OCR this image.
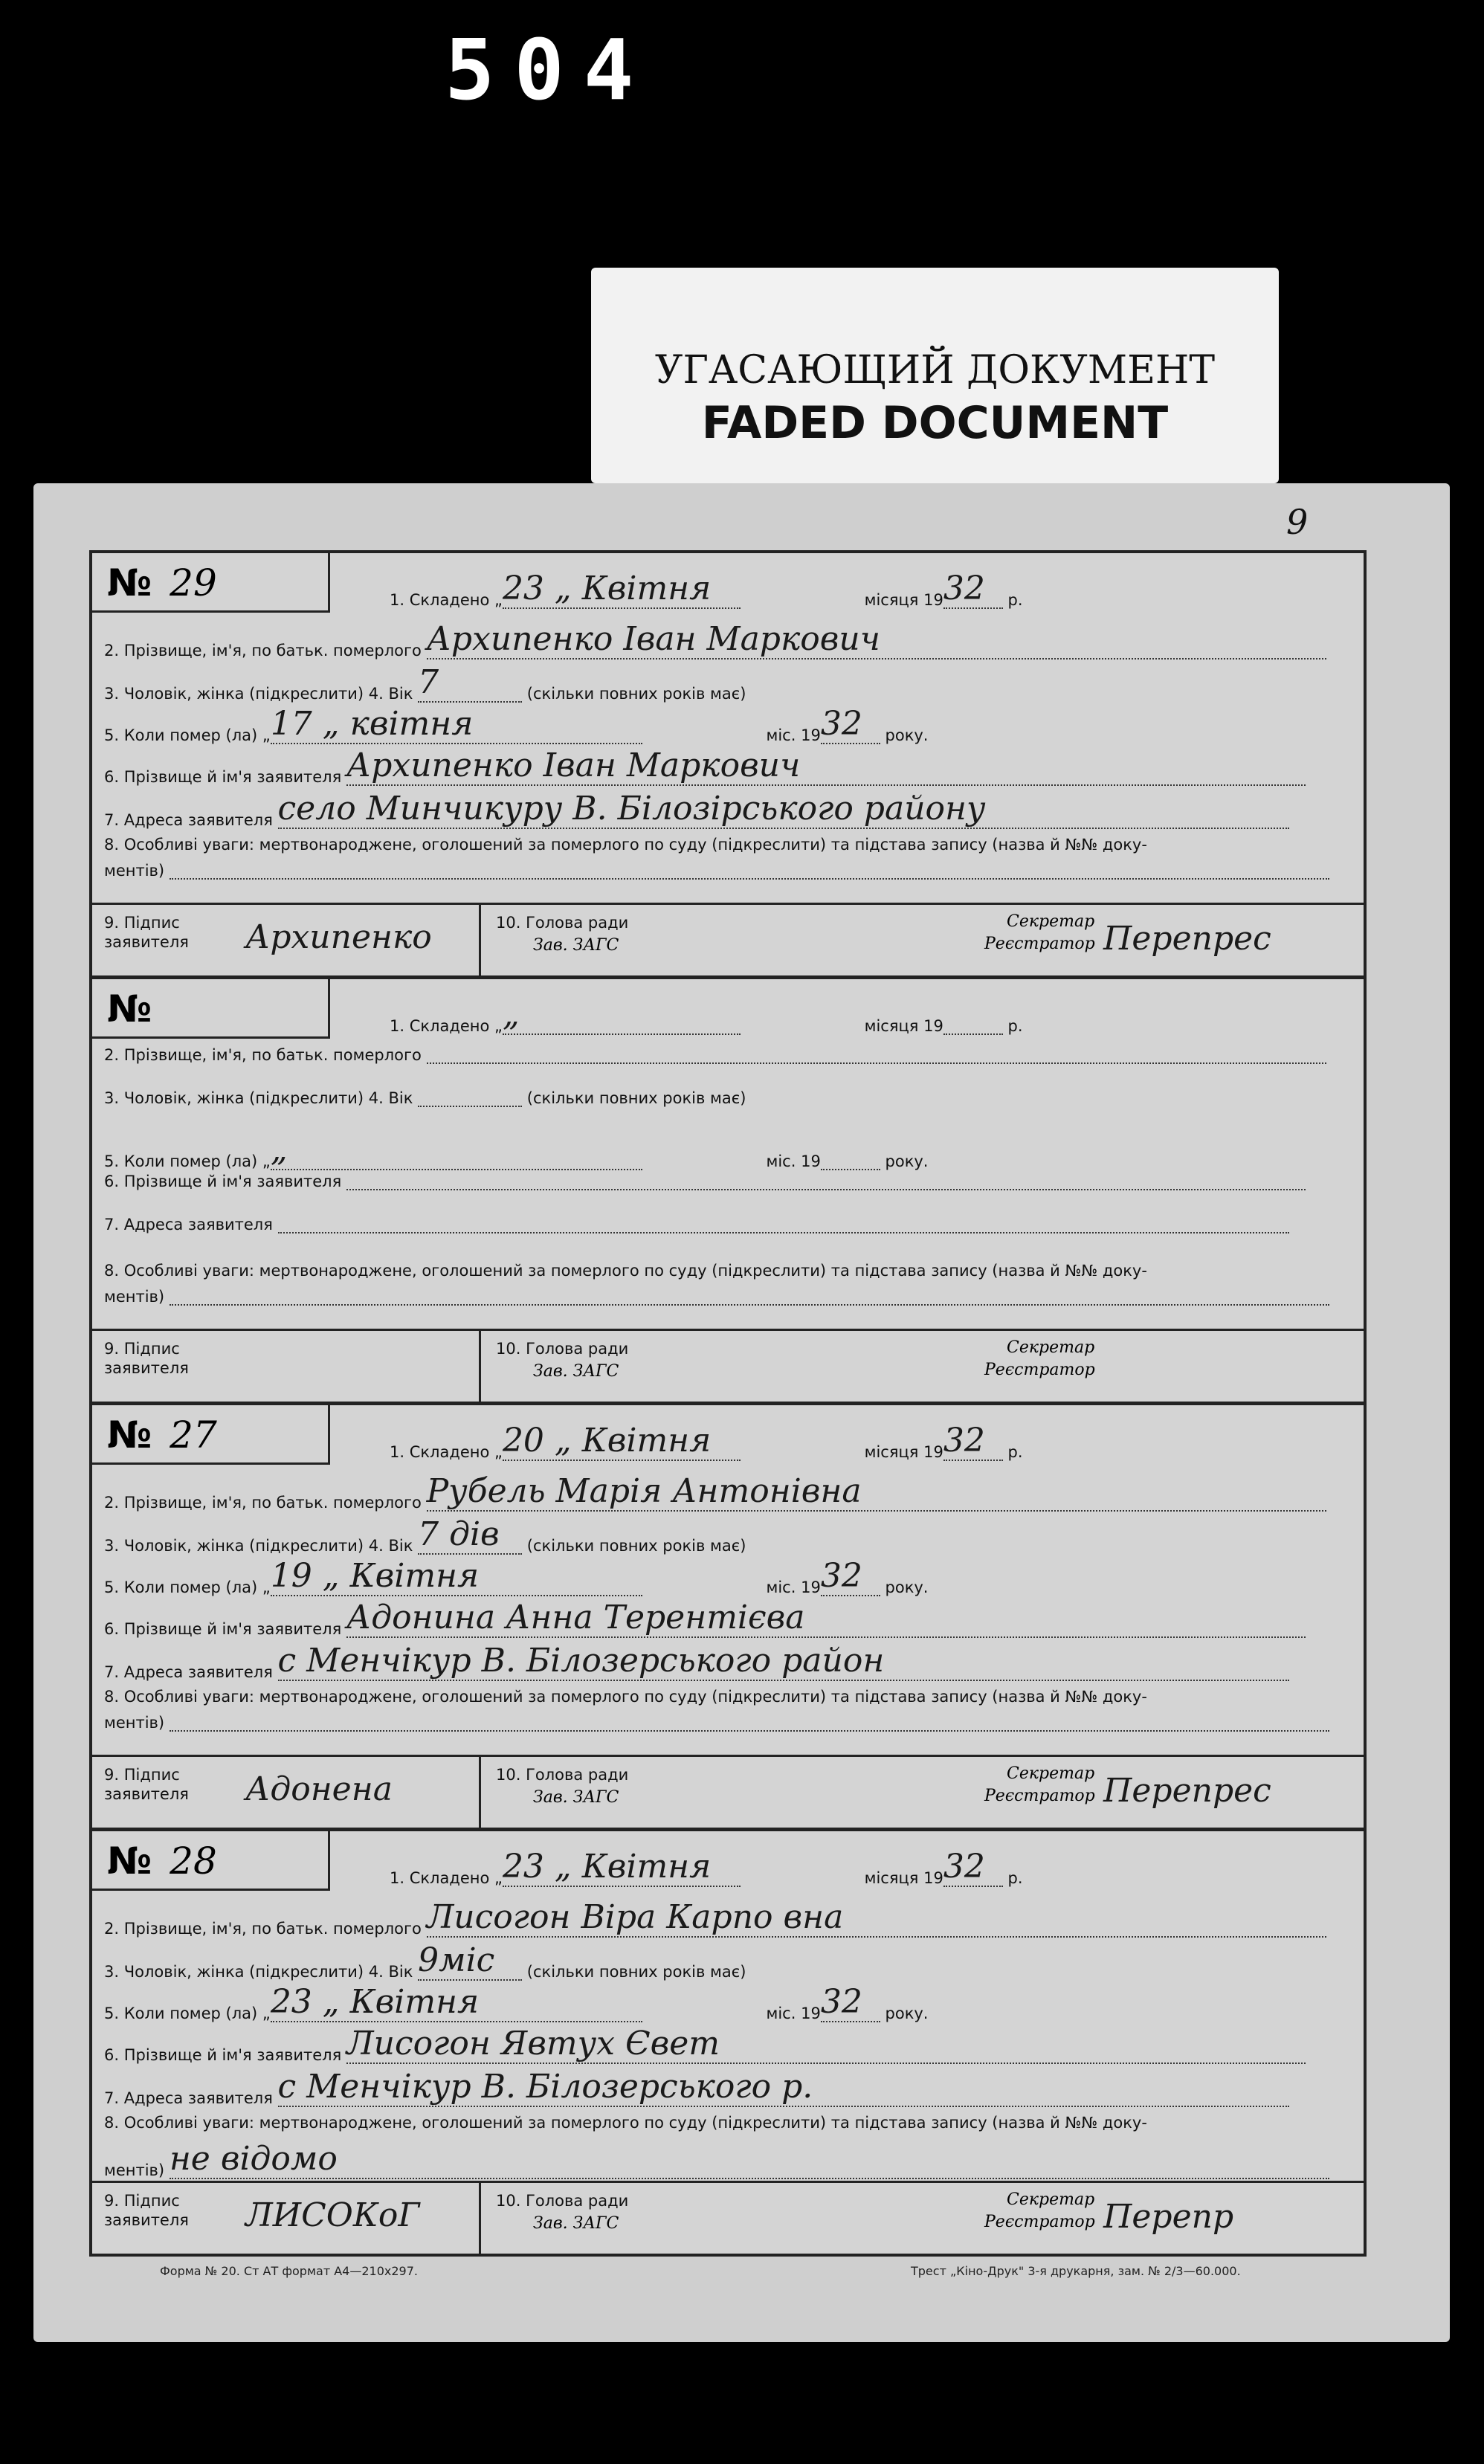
504
УГАСАЮЩИЙ ДОКУМЕНТ
FADED DOCUMENT
9
№ 29	1. Складено „23 „ Квітня	місяця 1932 р.
2. Прізвище, ім'я, по батьк. померлого Архипенко Іван Маркович
3. Чоловік, жінка (підкреслити) 4. Вік 7	(скільки повних років має)
5. Коли помер (ла) „17 „ квітня	міс. 1932 року.
6. Прізвище й ім'я заявителя Архипенко Іван Маркович
7. Адреса заявителя село Минчикуру В. Білозірського району
8. Особливі уваги: мертвонароджене, оголошений за померлого по суду (підкреслити) та підстава запису (назва й №№ доку-
ментів)
9. Підпис
заявителя	Архипенко	10. Голова ради
Зав. ЗАГС
Секретар
Реєстратор Перепрес
№	1. Складено „„	місяця 19	р.
2. Прізвище, ім'я, по батьк. померлого
3. Чоловік, жінка (підкреслити) 4. Вік	(скільки повних років має)
5. Коли помер (ла) „„	міс. 19	року.
6. Прізвище й ім'я заявителя
7. Адреса заявителя
8. Особливі уваги: мертвонароджене, оголошений за померлого по суду (підкреслити) та підстава запису (назва й №№ доку-
ментів)
9. Підпис
заявителя
10. Голова ради
Зав. ЗАГС
Секретар
Реєстратор
№ 27	1. Складено „20 „ Квітня	місяця 1932 р.
2. Прізвище, ім'я, по батьк. померлого Рубель Марія Антонівна
3. Чоловік, жінка (підкреслити) 4. Вік 7 дів (скільки повних років має)
5. Коли помер (ла) „19 „ Квітня	міс. 1932 року.
6. Прізвище й ім'я заявителя Адонина Анна Терентієва
7. Адреса заявителя с Менчікур В. Білозерського район
8. Особливі уваги: мертвонароджене, оголошений за померлого по суду (підкреслити) та підстава запису (назва й №№ доку-
ментів)
9. Підпис
заявителя	Адонена	10. Голова ради
Зав. ЗАГС
Секретар
Реєстратор Перепрес
№ 28	1. Складено „23 „ Квітня	місяця 1932 р.
2. Прізвище, ім'я, по батьк. померлого Лисогон Віра Карпо вна
3. Чоловік, жінка (підкреслити) 4. Вік 9міс (скільки повних років має)
5. Коли помер (ла) „23 „ Квітня	міс. 1932 року.
6. Прізвище й ім'я заявителя Лисогон Явтух Євет
7. Адреса заявителя с Менчікур В. Білозерського р.
8. Особливі уваги: мертвонароджене, оголошений за померлого по суду (підкреслити) та підстава запису (назва й №№ доку-
ментів) не відомо
9. Підпис
заявителя	ЛИСОКоГ	10. Голова ради
Зав. ЗАГС
Секретар
Реєстратор Перепр
Форма № 20. Ст АТ формат А4—210х297.	Трест „Кіно-Друк" 3-я друкарня, зам. № 2/3—60.000.
